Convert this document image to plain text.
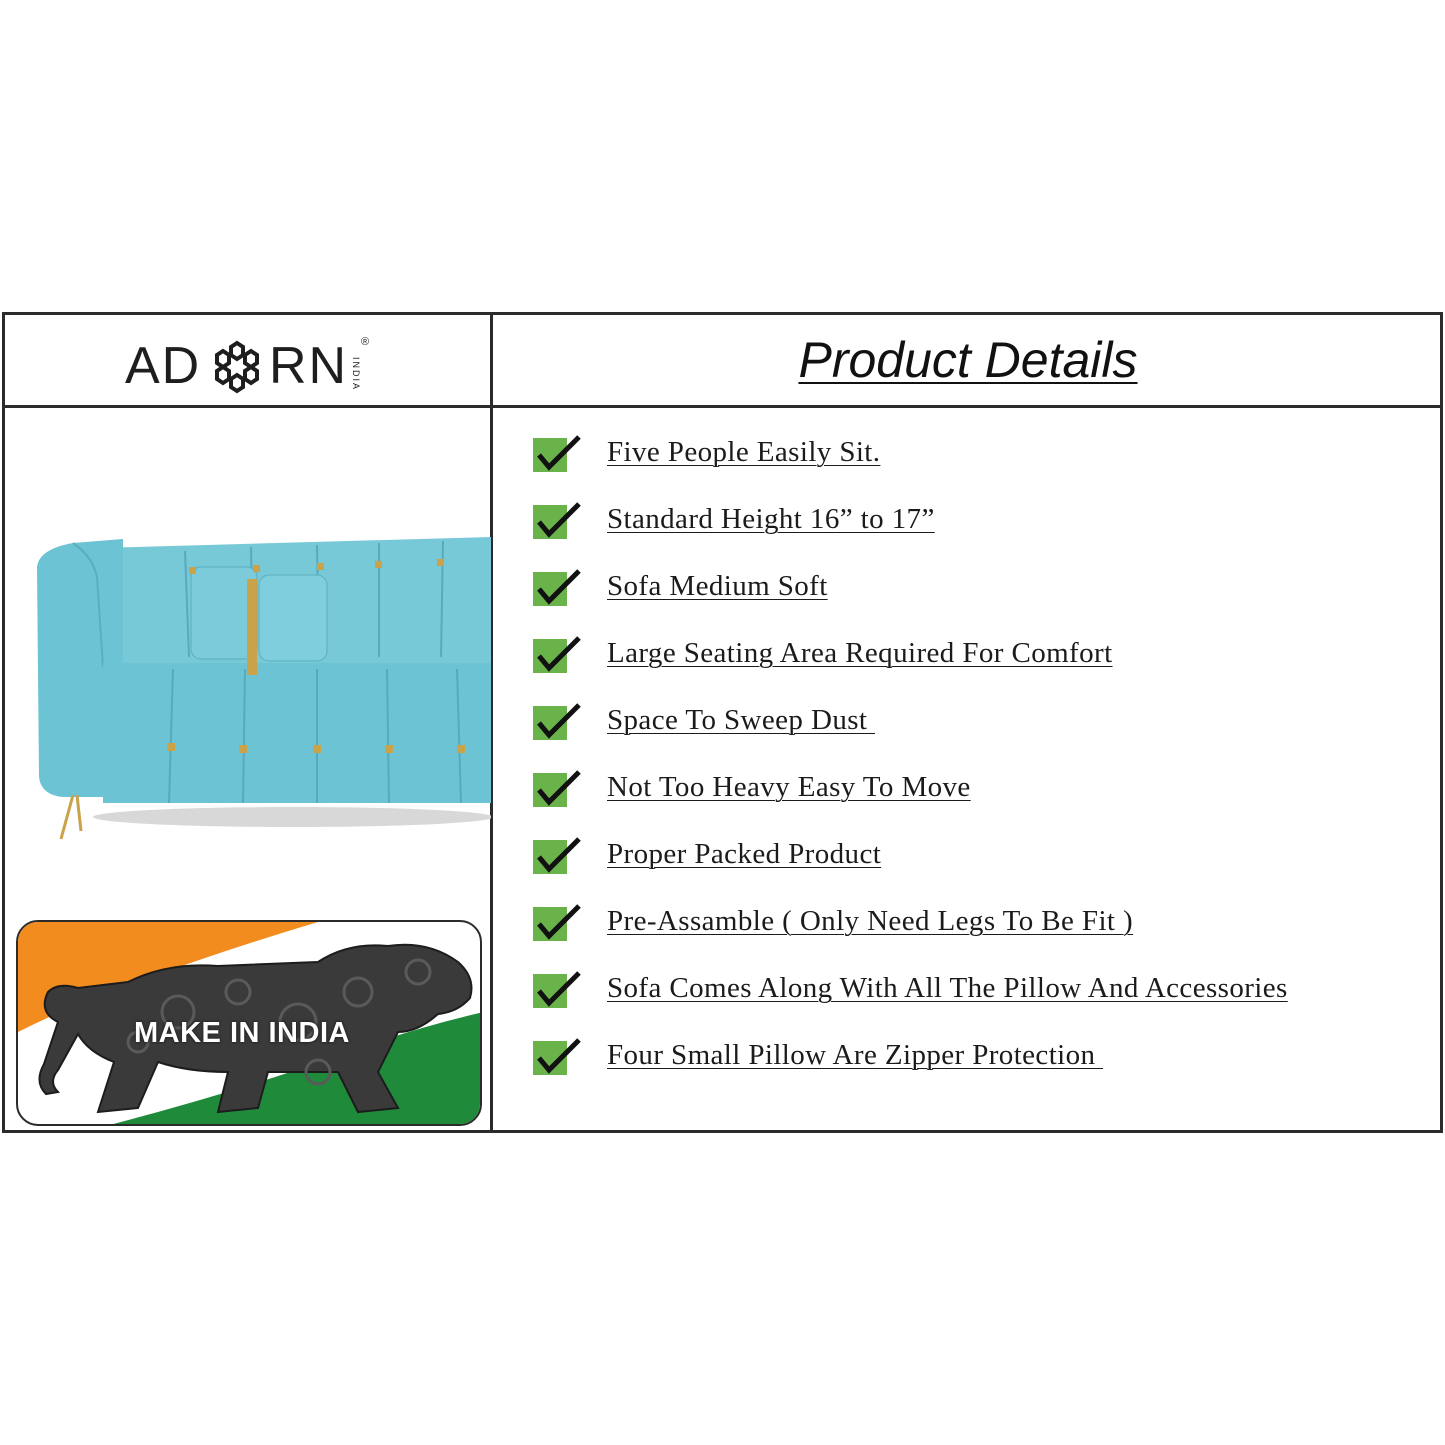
AD RN INDIA
®	Product Details
MAKE IN INDIA
Five People Easily Sit.
Standard Height 16” to 17”
Sofa Medium Soft
Large Seating Area Required For Comfort
Space To Sweep Dust
Not Too Heavy Easy To Move
Proper Packed Product
Pre-Assamble ( Only Need Legs To Be Fit )
Sofa Comes Along With All The Pillow And Accessories
Four Small Pillow Are Zipper Protection
